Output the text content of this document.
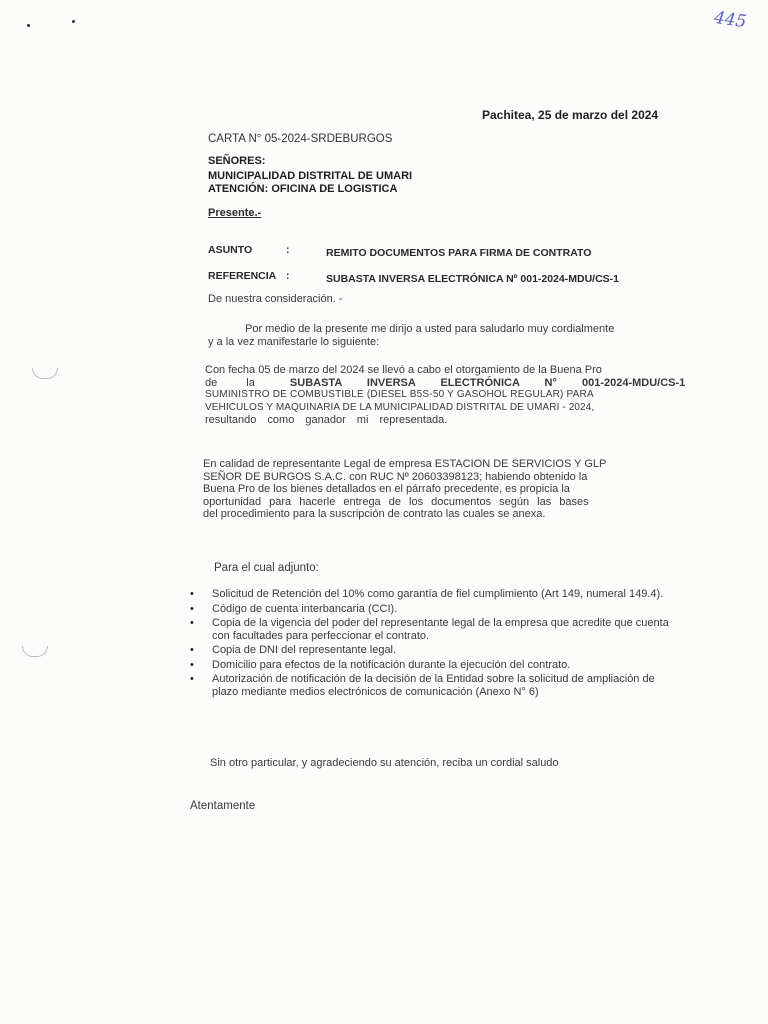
445
Pachitea, 25 de marzo del 2024
CARTA N° 05-2024-SRDEBURGOS
SEÑORES:
MUNICIPALIDAD DISTRITAL DE UMARI
ATENCIÓN: OFICINA DE LOGISTICA
Presente.-
ASUNTO	:	REMITO DOCUMENTOS PARA FIRMA DE CONTRATO
REFERENCIA :	SUBASTA INVERSA ELECTRÓNICA Nº 001-2024-MDU/CS-1
De nuestra consideración. -
Por medio de la presente me dirijo a usted para saludarlo muy cordialmente
y a la vez manifestarle lo siguiente:
Con fecha 05 de marzo del 2024 se llevó a cabo el otorgamiento de la Buena Pro
de la	SUBASTA INVERSA ELECTRÓNICA N° 001-2024-MDU/CS-1
SUMINISTRO DE COMBUSTIBLE (DIESEL B5S-50 Y GASOHOL REGULAR) PARA
VEHICULOS Y MAQUINARIA DE LA MUNICIPALIDAD DISTRITAL DE UMARI - 2024,
resultando como ganador mi representada.
En calidad de representante Legal de empresa ESTACION DE SERVICIOS Y GLP
SEÑOR DE BURGOS S.A.C. con RUC Nº 20603398123; habiendo obtenido la
Buena Pro de los bienes detallados en el párrafo precedente, es propicia la
oportunidad para hacerle entrega de los documentos según las bases
del procedimiento para la suscripción de contrato las cuales se anexa.
Para el cual adjunto:
• Solicitud de Retención del 10% como garantía de fiel cumplimiento (Art 149, numeral 149.4).
• Código de cuenta interbancaria (CCI).
• Copia de la vigencia del poder del representante legal de la empresa que acredite que cuenta con facultades para perfeccionar el contrato.
• Copia de DNI del representante legal.
• Domicilio para efectos de la notificación durante la ejecución del contrato.
• Autorización de notificación de la decisión de la Entidad sobre la solicitud de ampliación de plazo mediante medios electrónicos de comunicación (Anexo N° 6)
Sin otro particular, y agradeciendo su atención, reciba un cordial saludo
Atentamente
